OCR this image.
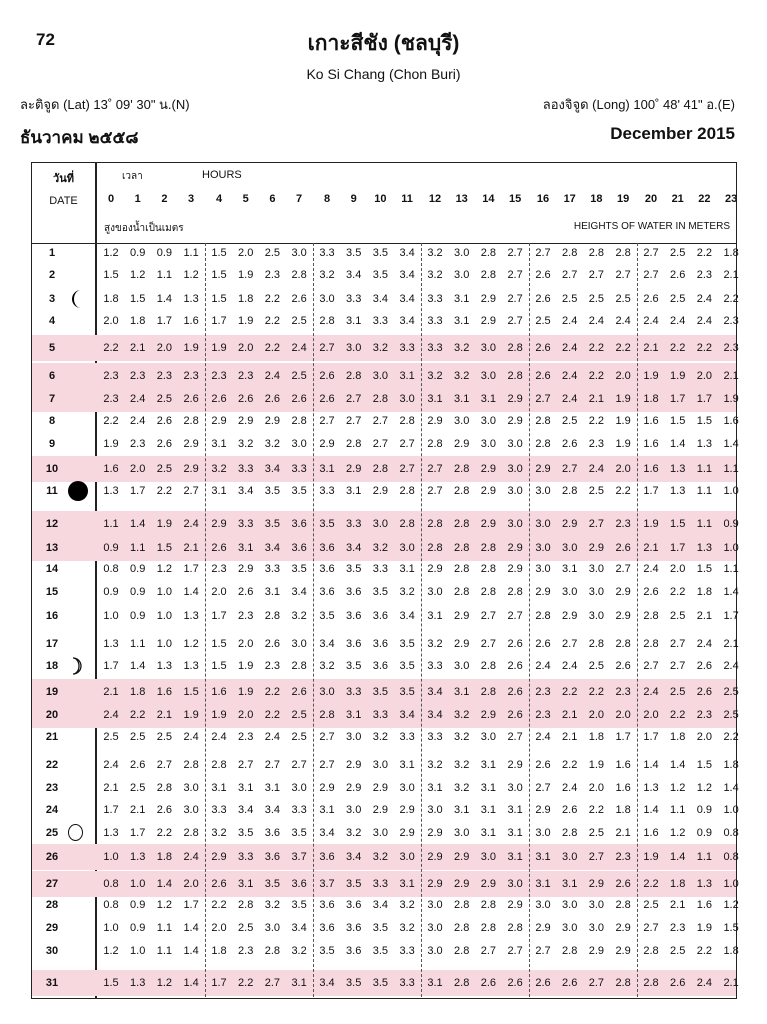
72	เกาะสีชัง (ชลบุรี)
Ko Si Chang (Chon Buri)
ละติจูด (Lat) 13˚ 09' 30" น.(N)	ลองจิจูด (Long) 100˚ 48' 41" อ.(E)
ธันวาคม ๒๕๕๘	December 2015
วันที่
DATE
เวลา	HOURS
สูงของน้ำเป็นเมตร	HEIGHTS OF WATER IN METERS
0	1	2	3	4	5	6	7	8	9	10	11	12	13	14	15	16	17	18	19	20	21	22	23
1	1.2	0.9	0.9	1.1	1.5	2.0	2.5	3.0	3.3	3.5	3.5	3.4	3.2	3.0	2.8	2.7	2.7	2.8	2.8	2.8	2.7	2.5	2.2	1.8
2	1.5	1.2	1.1	1.2	1.5	1.9	2.3	2.8	3.2	3.4	3.5	3.4	3.2	3.0	2.8	2.7	2.6	2.7	2.7	2.7	2.7	2.6	2.3	2.1
3	1.8	1.5	1.4	1.3	1.5	1.8	2.2	2.6	3.0	3.3	3.4	3.4	3.3	3.1	2.9	2.7	2.6	2.5	2.5	2.5	2.6	2.5	2.4	2.2
4	2.0	1.8	1.7	1.6	1.7	1.9	2.2	2.5	2.8	3.1	3.3	3.4	3.3	3.1	2.9	2.7	2.5	2.4	2.4	2.4	2.4	2.4	2.4	2.3
5	2.2	2.1	2.0	1.9	1.9	2.0	2.2	2.4	2.7	3.0	3.2	3.3	3.3	3.2	3.0	2.8	2.6	2.4	2.2	2.2	2.1	2.2	2.2	2.3
6	2.3	2.3	2.3	2.3	2.3	2.3	2.4	2.5	2.6	2.8	3.0	3.1	3.2	3.2	3.0	2.8	2.6	2.4	2.2	2.0	1.9	1.9	2.0	2.1
7	2.3	2.4	2.5	2.6	2.6	2.6	2.6	2.6	2.6	2.7	2.8	3.0	3.1	3.1	3.1	2.9	2.7	2.4	2.1	1.9	1.8	1.7	1.7	1.9
8	2.2	2.4	2.6	2.8	2.9	2.9	2.9	2.8	2.7	2.7	2.7	2.8	2.9	3.0	3.0	2.9	2.8	2.5	2.2	1.9	1.6	1.5	1.5	1.6
9	1.9	2.3	2.6	2.9	3.1	3.2	3.2	3.0	2.9	2.8	2.7	2.7	2.8	2.9	3.0	3.0	2.8	2.6	2.3	1.9	1.6	1.4	1.3	1.4
10	1.6	2.0	2.5	2.9	3.2	3.3	3.4	3.3	3.1	2.9	2.8	2.7	2.7	2.8	2.9	3.0	2.9	2.7	2.4	2.0	1.6	1.3	1.1	1.1
11	1.3	1.7	2.2	2.7	3.1	3.4	3.5	3.5	3.3	3.1	2.9	2.8	2.7	2.8	2.9	3.0	3.0	2.8	2.5	2.2	1.7	1.3	1.1	1.0
12	1.1	1.4	1.9	2.4	2.9	3.3	3.5	3.6	3.5	3.3	3.0	2.8	2.8	2.8	2.9	3.0	3.0	2.9	2.7	2.3	1.9	1.5	1.1	0.9
13	0.9	1.1	1.5	2.1	2.6	3.1	3.4	3.6	3.6	3.4	3.2	3.0	2.8	2.8	2.8	2.9	3.0	3.0	2.9	2.6	2.1	1.7	1.3	1.0
14	0.8	0.9	1.2	1.7	2.3	2.9	3.3	3.5	3.6	3.5	3.3	3.1	2.9	2.8	2.8	2.9	3.0	3.1	3.0	2.7	2.4	2.0	1.5	1.1
15	0.9	0.9	1.0	1.4	2.0	2.6	3.1	3.4	3.6	3.6	3.5	3.2	3.0	2.8	2.8	2.8	2.9	3.0	3.0	2.9	2.6	2.2	1.8	1.4
16	1.0	0.9	1.0	1.3	1.7	2.3	2.8	3.2	3.5	3.6	3.6	3.4	3.1	2.9	2.7	2.7	2.8	2.9	3.0	2.9	2.8	2.5	2.1	1.7
17	1.3	1.1	1.0	1.2	1.5	2.0	2.6	3.0	3.4	3.6	3.6	3.5	3.2	2.9	2.7	2.6	2.6	2.7	2.8	2.8	2.8	2.7	2.4	2.1
18	1.7	1.4	1.3	1.3	1.5	1.9	2.3	2.8	3.2	3.5	3.6	3.5	3.3	3.0	2.8	2.6	2.4	2.4	2.5	2.6	2.7	2.7	2.6	2.4
19	2.1	1.8	1.6	1.5	1.6	1.9	2.2	2.6	3.0	3.3	3.5	3.5	3.4	3.1	2.8	2.6	2.3	2.2	2.2	2.3	2.4	2.5	2.6	2.5
20	2.4	2.2	2.1	1.9	1.9	2.0	2.2	2.5	2.8	3.1	3.3	3.4	3.4	3.2	2.9	2.6	2.3	2.1	2.0	2.0	2.0	2.2	2.3	2.5
21	2.5	2.5	2.5	2.4	2.4	2.3	2.4	2.5	2.7	3.0	3.2	3.3	3.3	3.2	3.0	2.7	2.4	2.1	1.8	1.7	1.7	1.8	2.0	2.2
22	2.4	2.6	2.7	2.8	2.8	2.7	2.7	2.7	2.7	2.9	3.0	3.1	3.2	3.2	3.1	2.9	2.6	2.2	1.9	1.6	1.4	1.4	1.5	1.8
23	2.1	2.5	2.8	3.0	3.1	3.1	3.1	3.0	2.9	2.9	2.9	3.0	3.1	3.2	3.1	3.0	2.7	2.4	2.0	1.6	1.3	1.2	1.2	1.4
24	1.7	2.1	2.6	3.0	3.3	3.4	3.4	3.3	3.1	3.0	2.9	2.9	3.0	3.1	3.1	3.1	2.9	2.6	2.2	1.8	1.4	1.1	0.9	1.0
25	1.3	1.7	2.2	2.8	3.2	3.5	3.6	3.5	3.4	3.2	3.0	2.9	2.9	3.0	3.1	3.1	3.0	2.8	2.5	2.1	1.6	1.2	0.9	0.8
26	1.0	1.3	1.8	2.4	2.9	3.3	3.6	3.7	3.6	3.4	3.2	3.0	2.9	2.9	3.0	3.1	3.1	3.0	2.7	2.3	1.9	1.4	1.1	0.8
27	0.8	1.0	1.4	2.0	2.6	3.1	3.5	3.6	3.7	3.5	3.3	3.1	2.9	2.9	2.9	3.0	3.1	3.1	2.9	2.6	2.2	1.8	1.3	1.0
28	0.8	0.9	1.2	1.7	2.2	2.8	3.2	3.5	3.6	3.6	3.4	3.2	3.0	2.8	2.8	2.9	3.0	3.0	3.0	2.8	2.5	2.1	1.6	1.2
29	1.0	0.9	1.1	1.4	2.0	2.5	3.0	3.4	3.6	3.6	3.5	3.2	3.0	2.8	2.8	2.8	2.9	3.0	3.0	2.9	2.7	2.3	1.9	1.5
30	1.2	1.0	1.1	1.4	1.8	2.3	2.8	3.2	3.5	3.6	3.5	3.3	3.0	2.8	2.7	2.7	2.7	2.8	2.9	2.9	2.8	2.5	2.2	1.8
31	1.5	1.3	1.2	1.4	1.7	2.2	2.7	3.1	3.4	3.5	3.5	3.3	3.1	2.8	2.6	2.6	2.6	2.6	2.7	2.8	2.8	2.6	2.4	2.1
